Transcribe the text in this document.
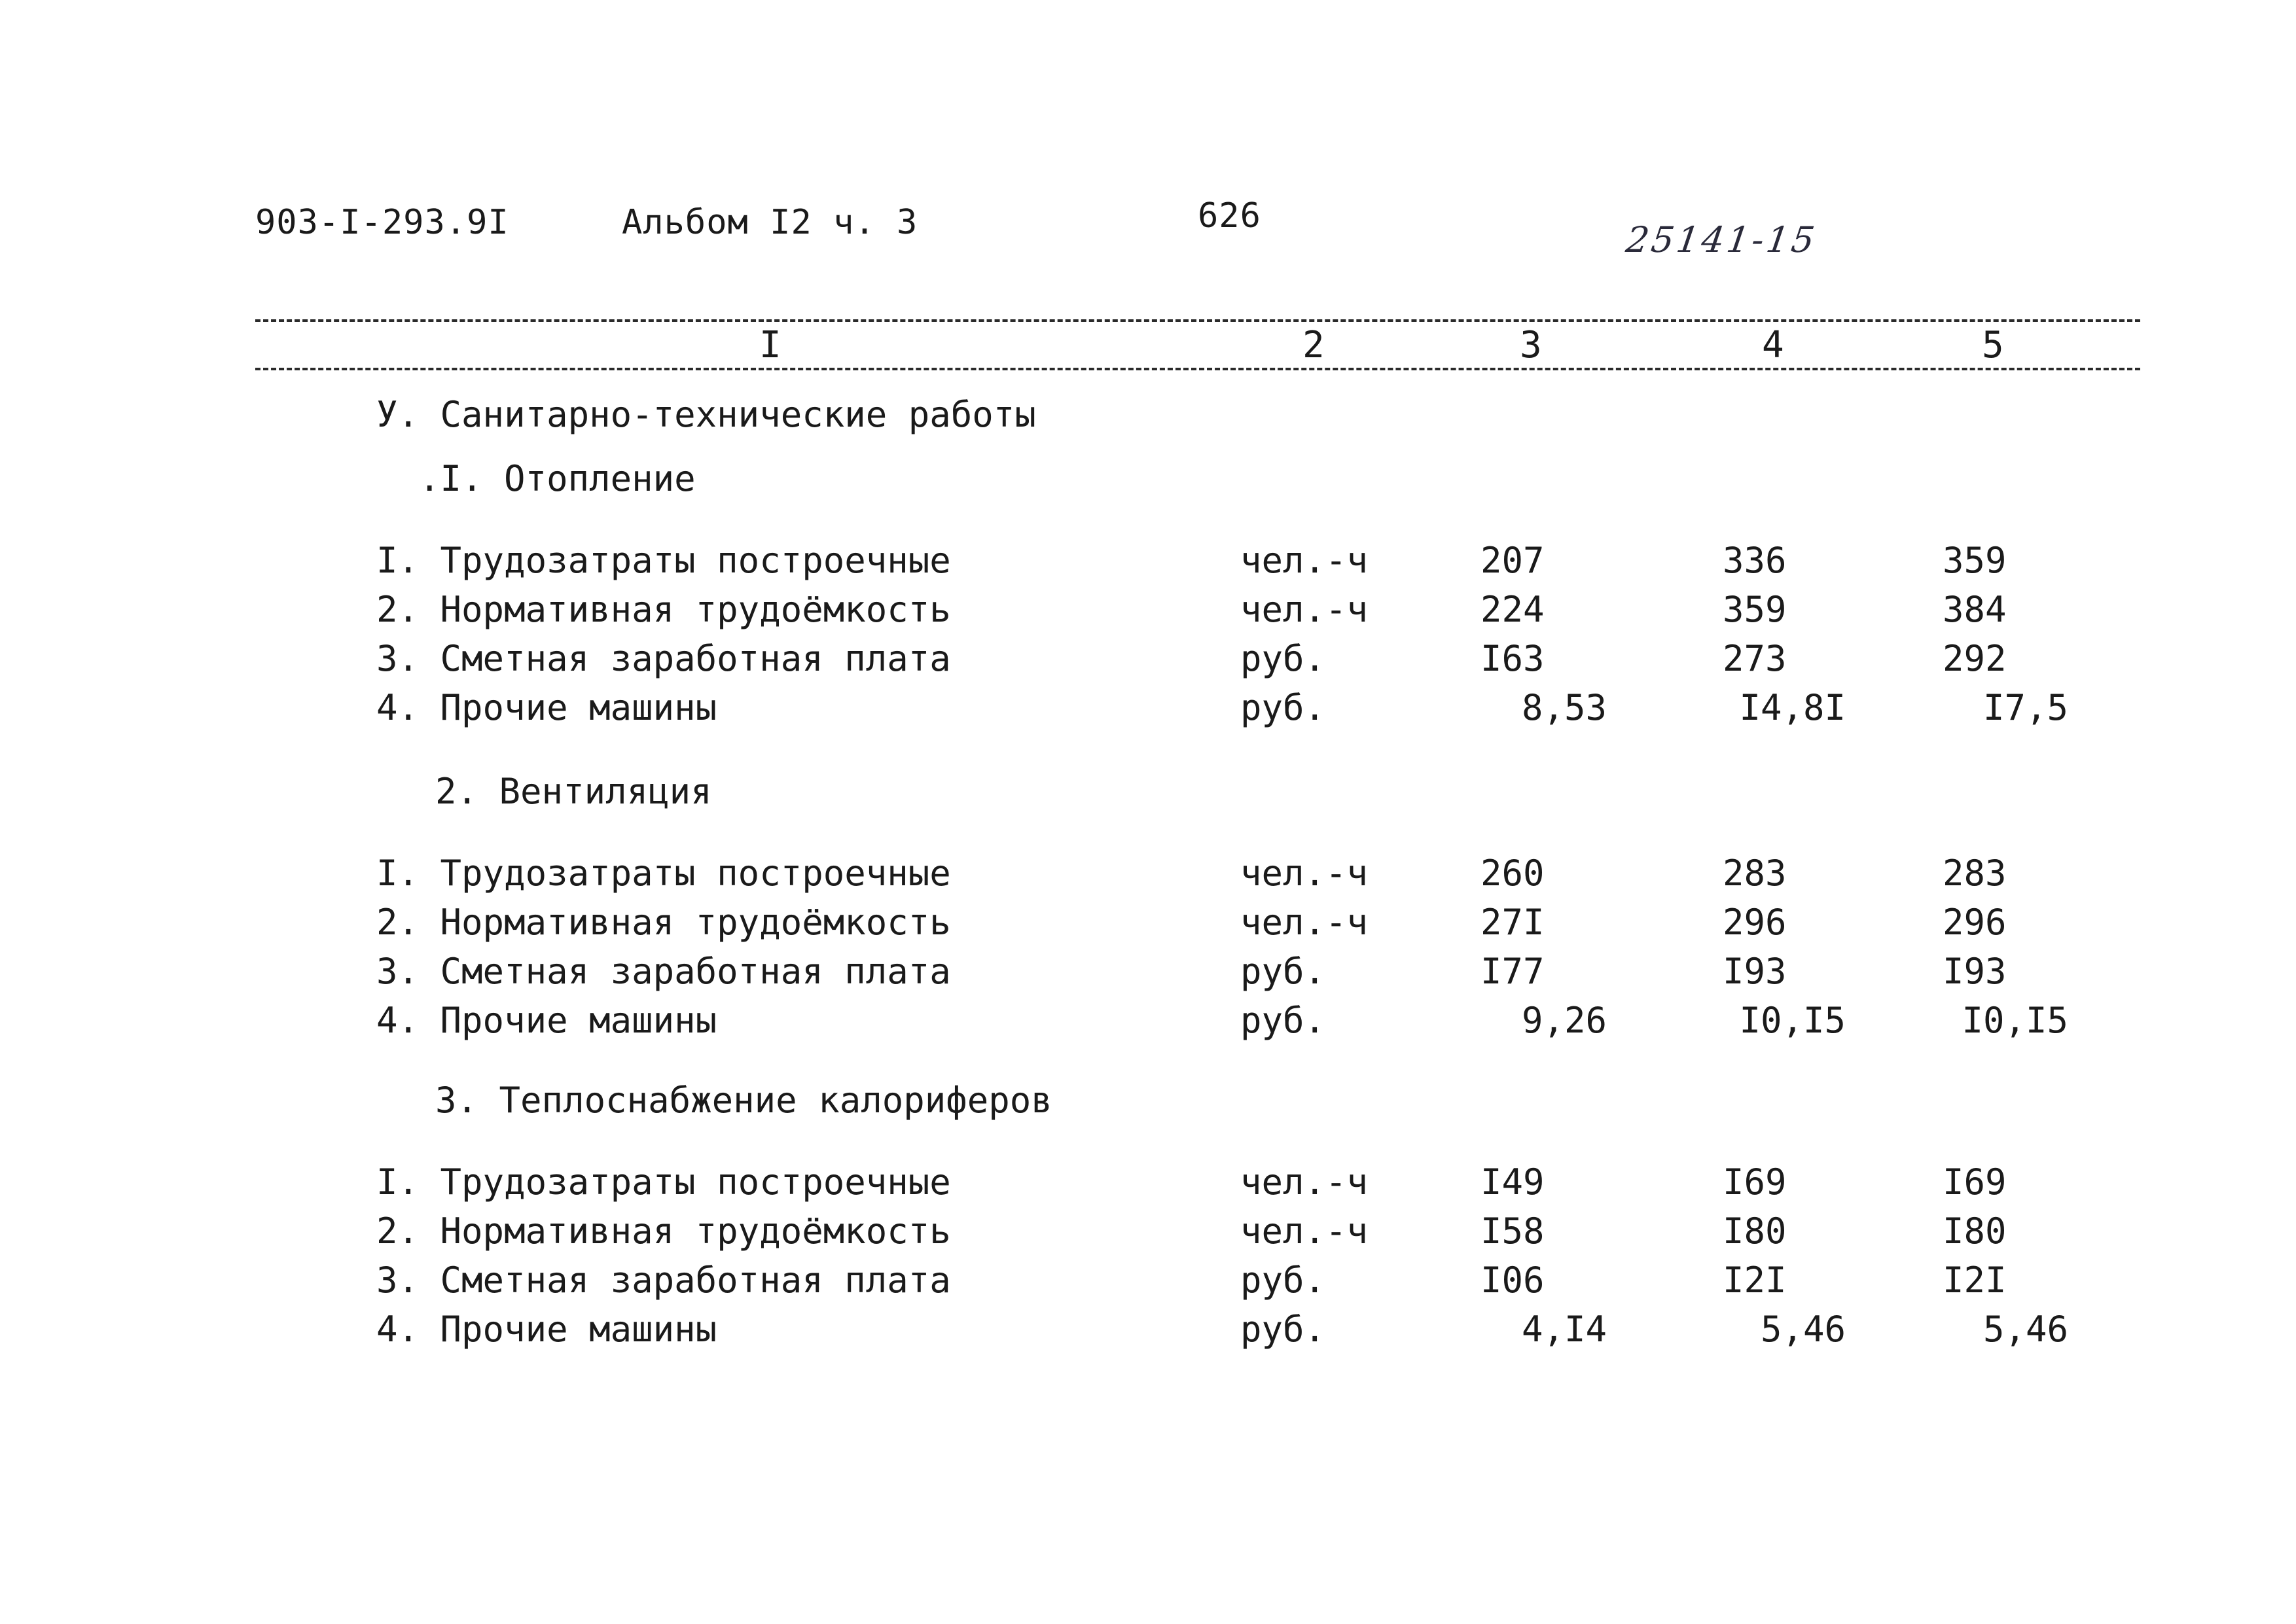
903-I-293.9I	Альбом I2 ч. 3	626
25141-15
I	2	3	4	5
У. Санитарно-технические работы
.I. Отопление
I. Трудозатраты построечные	чел.-ч	207	336	359
2. Нормативная трудоёмкость	чел.-ч	224	359	384
3. Сметная заработная плата	руб.	I63	273	292
4. Прочие машины	руб.	8,53	I4,8I	I7,5
2. Вентиляция
I. Трудозатраты построечные	чел.-ч	260	283	283
2. Нормативная трудоёмкость	чел.-ч	27I	296	296
3. Сметная заработная плата	руб.	I77	I93	I93
4. Прочие машины	руб.	9,26	I0,I5	I0,I5
3. Теплоснабжение калориферов
I. Трудозатраты построечные	чел.-ч	I49	I69	I69
2. Нормативная трудоёмкость	чел.-ч	I58	I80	I80
3. Сметная заработная плата	руб.	I06	I2I	I2I
4. Прочие машины	руб.	4,I4	5,46	5,46
